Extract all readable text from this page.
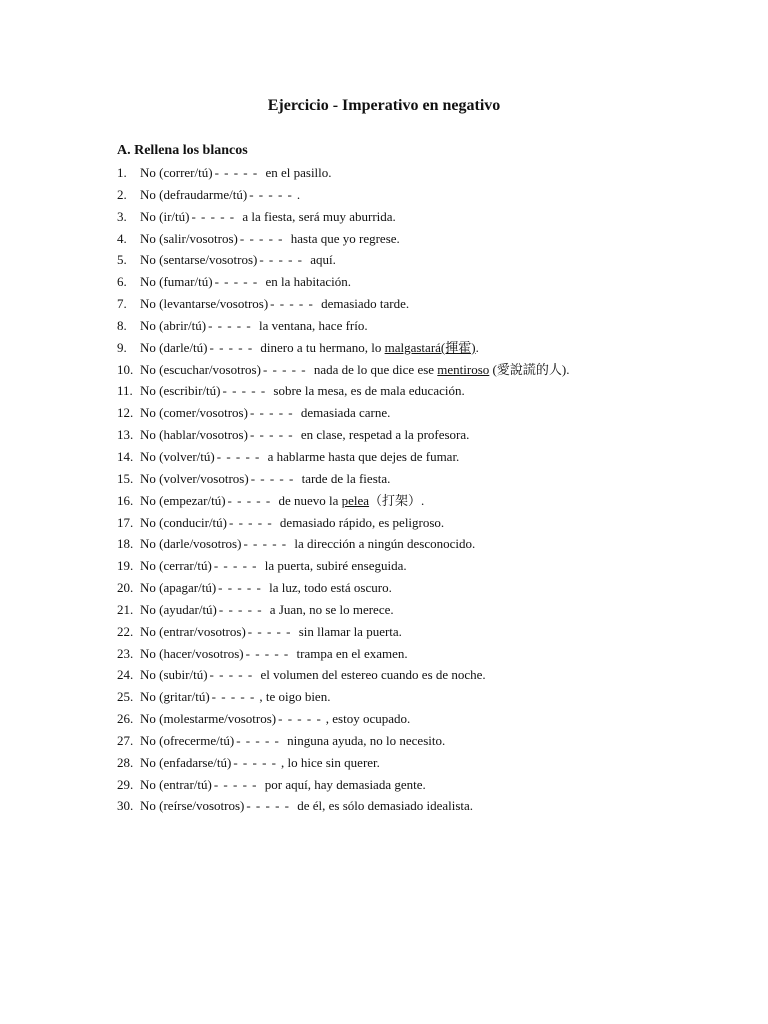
Ejercicio - Imperativo en negativo
A. Rellena los blancos
1. No (correr/tú) - - - - - en el pasillo.
2. No (defraudarme/tú) - - - - - .
3. No (ir/tú) - - - - - a la fiesta, será muy aburrida.
4. No (salir/vosotros) - - - - - hasta que yo regrese.
5. No (sentarse/vosotros) - - - - - aquí.
6. No (fumar/tú) - - - - - en la habitación.
7. No (levantarse/vosotros) - - - - - demasiado tarde.
8. No (abrir/tú) - - - - - la ventana, hace frío.
9. No (darle/tú) - - - - - dinero a tu hermano, lo malgastará(揮霍).
10. No (escuchar/vosotros) - - - - - nada de lo que dice ese mentiroso (愛說謊的人).
11. No (escribir/tú) - - - - - sobre la mesa, es de mala educación.
12. No (comer/vosotros) - - - - - demasiada carne.
13. No (hablar/vosotros) - - - - - en clase, respetad a la profesora.
14. No (volver/tú) - - - - - a hablarme hasta que dejes de fumar.
15. No (volver/vosotros) - - - - - tarde de la fiesta.
16. No (empezar/tú) - - - - - de nuevo la pelea（打架）.
17. No (conducir/tú) - - - - - demasiado rápido, es peligroso.
18. No (darle/vosotros) - - - - - la dirección a ningún desconocido.
19. No (cerrar/tú) - - - - - la puerta, subiré enseguida.
20. No (apagar/tú) - - - - - la luz, todo está oscuro.
21. No (ayudar/tú) - - - - - a Juan, no se lo merece.
22. No (entrar/vosotros) - - - - - sin llamar la puerta.
23. No (hacer/vosotros) - - - - - trampa en el examen.
24. No (subir/tú) - - - - - el volumen del estereo cuando es de noche.
25. No (gritar/tú) - - - - - , te oigo bien.
26. No (molestarme/vosotros) - - - - - , estoy ocupado.
27. No (ofrecerme/tú) - - - - - ninguna ayuda, no lo necesito.
28. No (enfadarse/tú) - - - - - , lo hice sin querer.
29. No (entrar/tú) - - - - - por aquí, hay demasiada gente.
30. No (reírse/vosotros) - - - - - de él, es sólo demasiado idealista.
